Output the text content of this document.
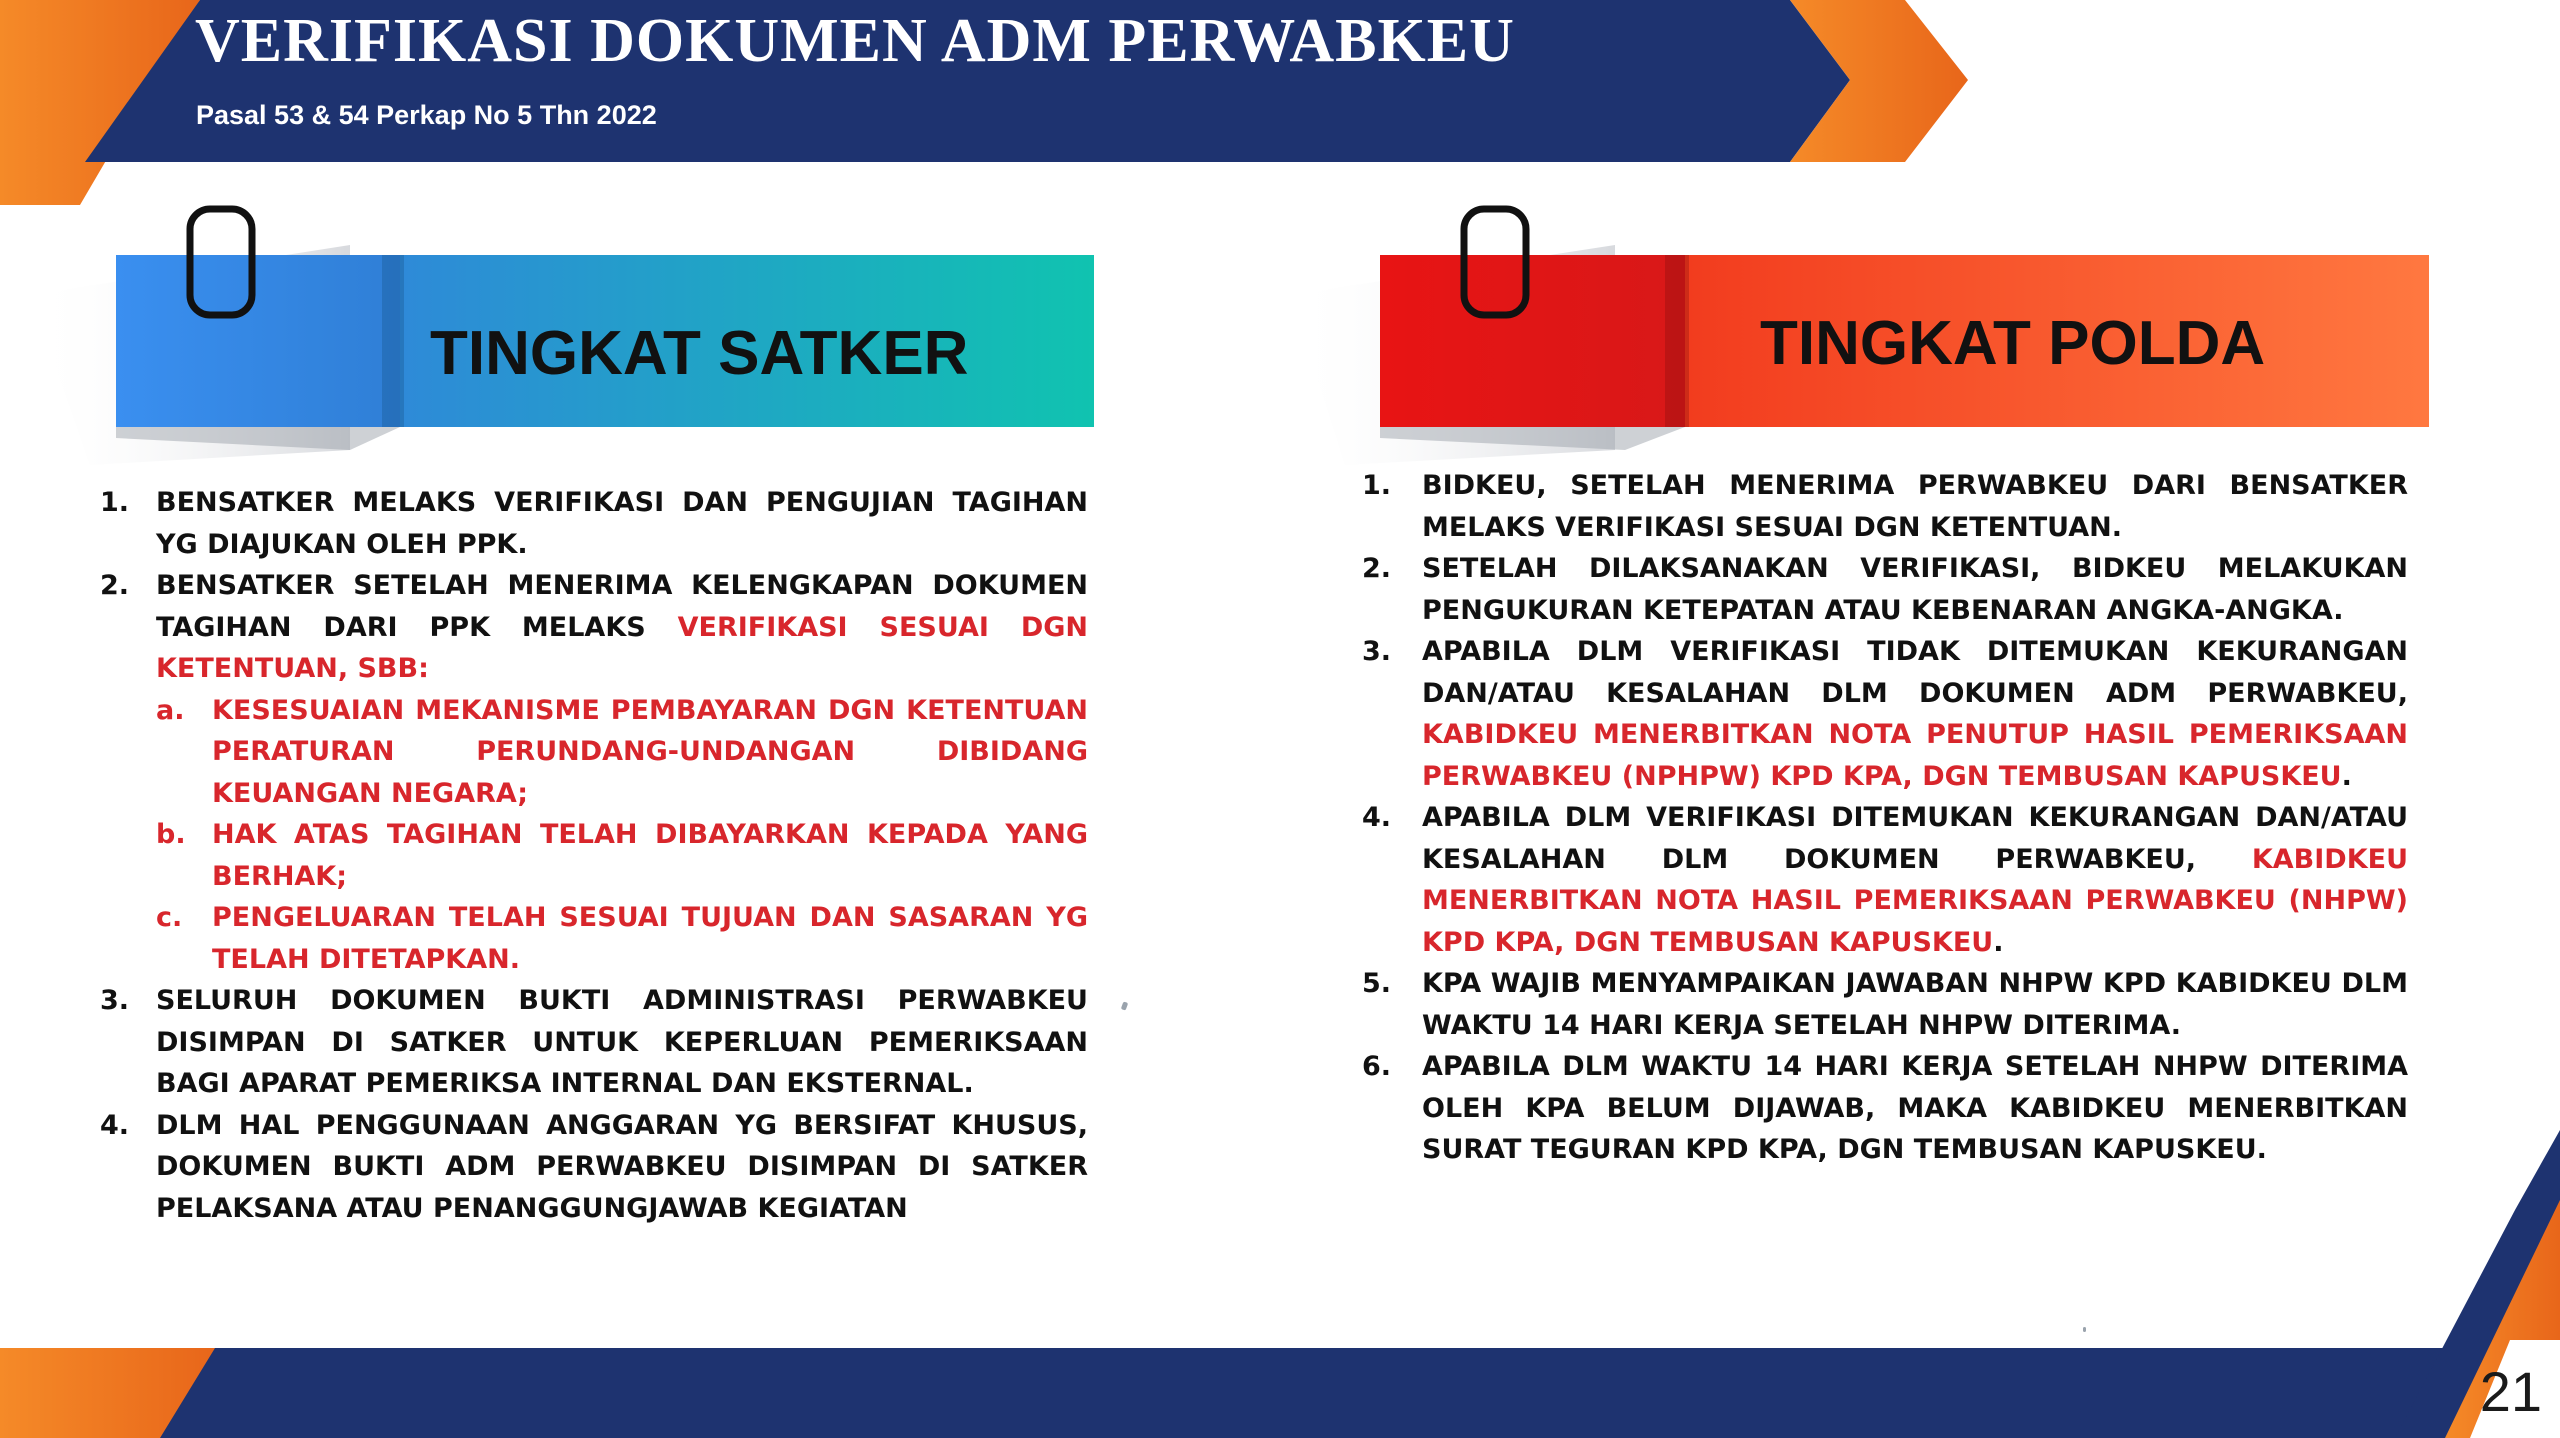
VERIFIKASI DOKUMEN ADM PERWABKEU
Pasal 53 & 54 Perkap No 5 Thn 2022
TINGKAT SATKER	TINGKAT POLDA
1. BENSATKER MELAKS VERIFIKASI DAN PENGUJIAN TAGIHAN YG DIAJUKAN OLEH PPK.
2. BENSATKER SETELAH MENERIMA KELENGKAPAN DOKUMEN TAGIHAN DARI PPK MELAKS VERIFIKASI SESUAI DGN KETENTUAN, SBB:
a. KESESUAIAN MEKANISME PEMBAYARAN DGN KETENTUAN PERATURAN PERUNDANG-UNDANGAN DIBIDANG KEUANGAN NEGARA;
b. HAK ATAS TAGIHAN TELAH DIBAYARKAN KEPADA YANG BERHAK;
c. PENGELUARAN TELAH SESUAI TUJUAN DAN SASARAN YG TELAH DITETAPKAN.
3. SELURUH DOKUMEN BUKTI ADMINISTRASI PERWABKEU DISIMPAN DI SATKER UNTUK KEPERLUAN PEMERIKSAAN BAGI APARAT PEMERIKSA INTERNAL DAN EKSTERNAL.
4. DLM HAL PENGGUNAAN ANGGARAN YG BERSIFAT KHUSUS, DOKUMEN BUKTI ADM PERWABKEU DISIMPAN DI SATKER PELAKSANA ATAU PENANGGUNGJAWAB KEGIATAN
1. BIDKEU, SETELAH MENERIMA PERWABKEU DARI BENSATKER MELAKS VERIFIKASI SESUAI DGN KETENTUAN.
2. SETELAH DILAKSANAKAN VERIFIKASI, BIDKEU MELAKUKAN PENGUKURAN KETEPATAN ATAU KEBENARAN ANGKA-ANGKA.
3. APABILA DLM VERIFIKASI TIDAK DITEMUKAN KEKURANGAN DAN/ATAU KESALAHAN DLM DOKUMEN ADM PERWABKEU, KABIDKEU MENERBITKAN NOTA PENUTUP HASIL PEMERIKSAAN PERWABKEU (NPHPW) KPD KPA, DGN TEMBUSAN KAPUSKEU.
4. APABILA DLM VERIFIKASI DITEMUKAN KEKURANGAN DAN/ATAU KESALAHAN DLM DOKUMEN PERWABKEU, KABIDKEU MENERBITKAN NOTA HASIL PEMERIKSAAN PERWABKEU (NHPW) KPD KPA, DGN TEMBUSAN KAPUSKEU.
5. KPA WAJIB MENYAMPAIKAN JAWABAN NHPW KPD KABIDKEU DLM WAKTU 14 HARI KERJA SETELAH NHPW DITERIMA.
6. APABILA DLM WAKTU 14 HARI KERJA SETELAH NHPW DITERIMA OLEH KPA BELUM DIJAWAB, MAKA KABIDKEU MENERBITKAN SURAT TEGURAN KPD KPA, DGN TEMBUSAN KAPUSKEU.
21
